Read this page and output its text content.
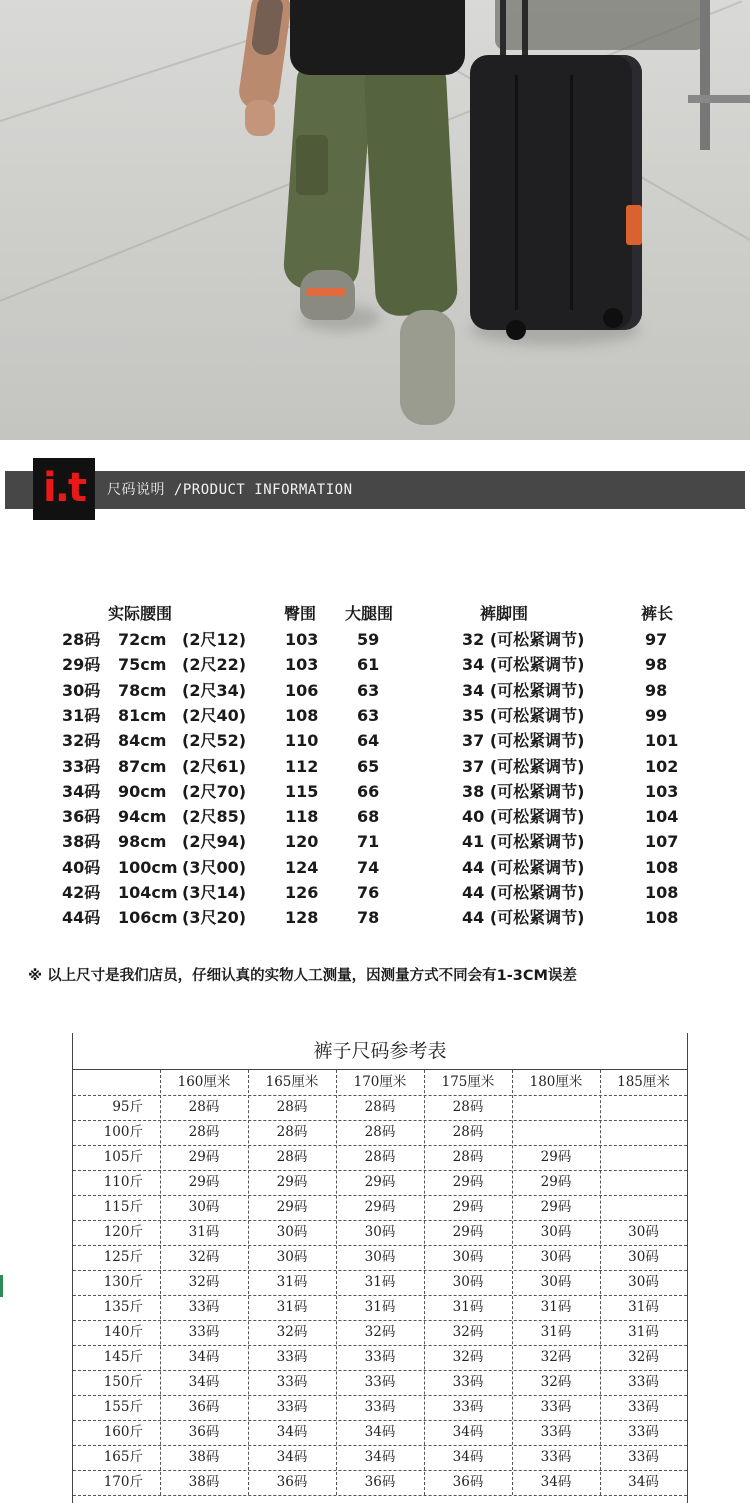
i.t	尺码说明 /PRODUCT INFORMATION
实际腰围	臀围 大腿围	裤脚围	裤长
28码 72cm (2尺12) 103 59	32 (可松紧调节)	97
29码 75cm (2尺22) 103 61	34 (可松紧调节)	98
30码 78cm (2尺34) 106 63	34 (可松紧调节)	98
31码 81cm (2尺40) 108 63	35 (可松紧调节)	99
32码 84cm (2尺52) 110 64	37 (可松紧调节)	101
33码 87cm (2尺61) 112 65	37 (可松紧调节)	102
34码 90cm (2尺70) 115 66	38 (可松紧调节)	103
36码 94cm (2尺85) 118 68	40 (可松紧调节)	104
38码 98cm (2尺94) 120 71	41 (可松紧调节)	107
40码 100cm (3尺00) 124 74	44 (可松紧调节)	108
42码 104cm (3尺14) 126 76	44 (可松紧调节)	108
44码 106cm (3尺20) 128 78	44 (可松紧调节)	108
※ 以上尺寸是我们店员，仔细认真的实物人工测量，因测量方式不同会有1-3CM误差
裤子尺码参考表
160厘米	165厘米	170厘米	175厘米	180厘米	185厘米
95斤	28码	28码	28码	28码
100斤	28码	28码	28码	28码
105斤	29码	28码	28码	28码	29码
110斤	29码	29码	29码	29码	29码
115斤	30码	29码	29码	29码	29码
120斤	31码	30码	30码	29码	30码	30码
125斤	32码	30码	30码	30码	30码	30码
130斤	32码	31码	31码	30码	30码	30码
135斤	33码	31码	31码	31码	31码	31码
140斤	33码	32码	32码	32码	31码	31码
145斤	34码	33码	33码	32码	32码	32码
150斤	34码	33码	33码	33码	32码	33码
155斤	36码	33码	33码	33码	33码	33码
160斤	36码	34码	34码	34码	33码	33码
165斤	38码	34码	34码	34码	33码	33码
170斤	38码	36码	36码	36码	34码	34码
